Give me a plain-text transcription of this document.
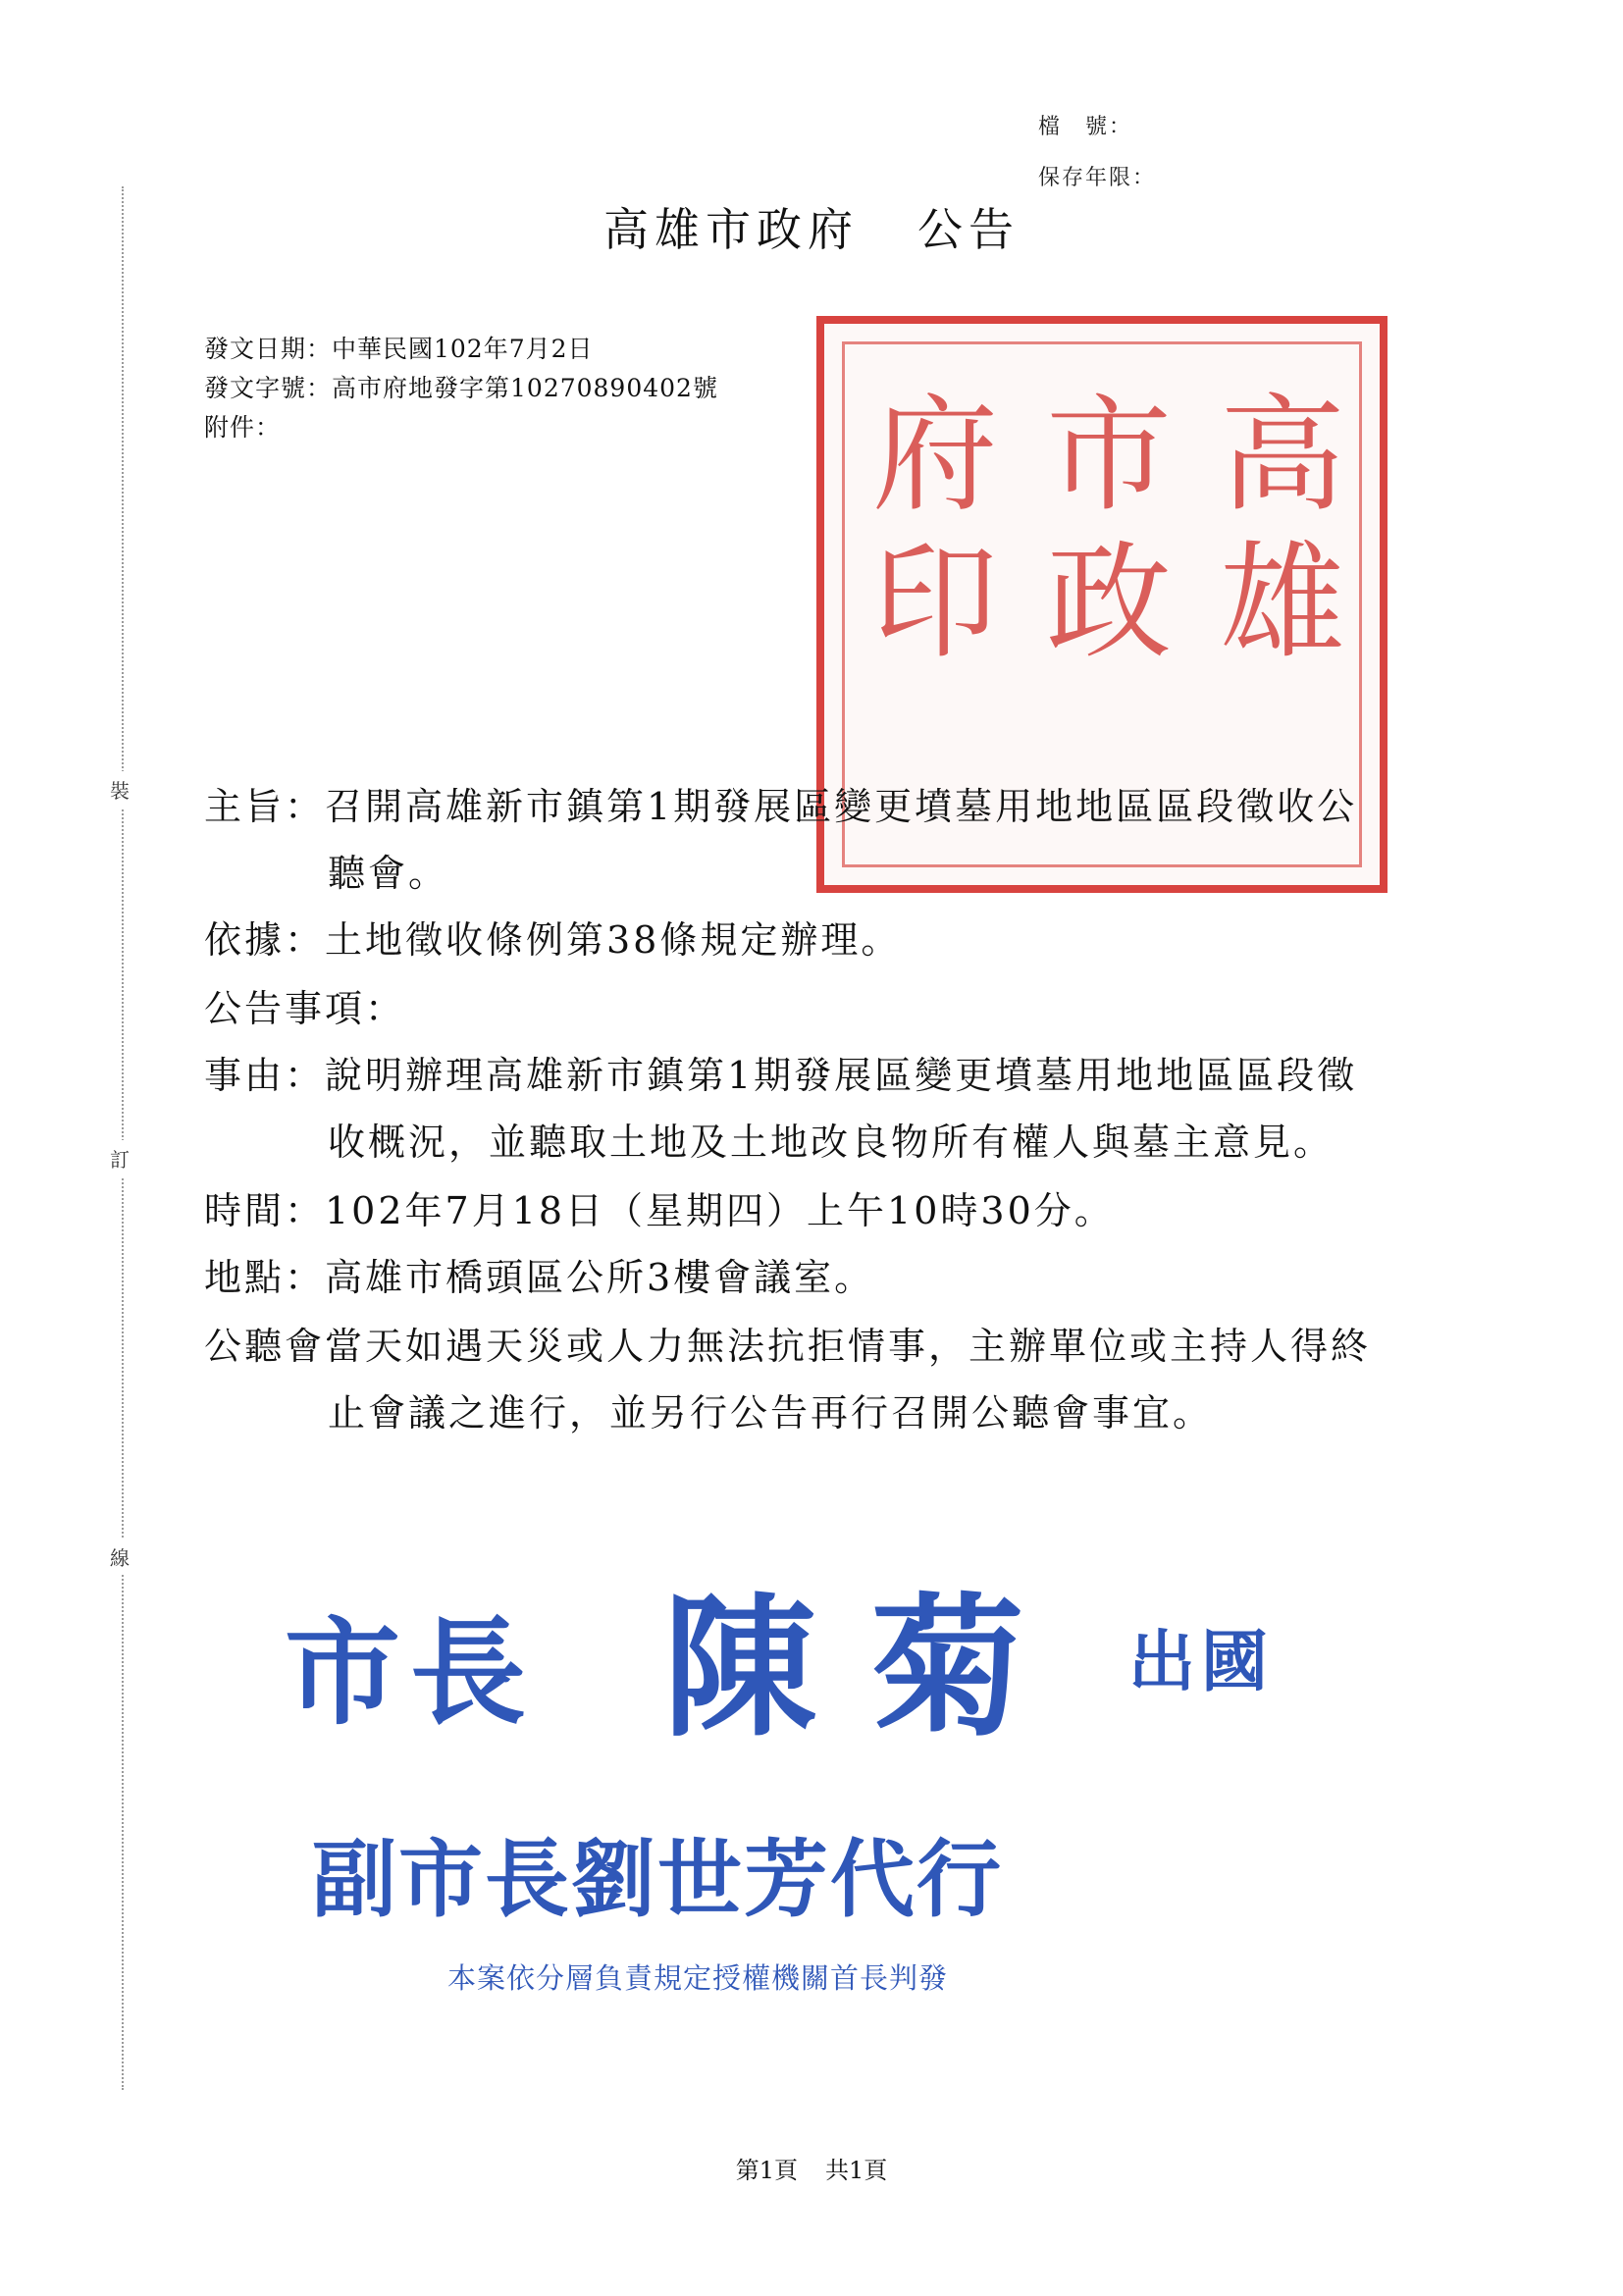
裝
訂
線
檔　號：
保存年限：
高雄市政府 公告
發文日期：中華民國102年7月2日
發文字號：高市府地發字第10270890402號
附件：	高
雄
市
政
府
印
主旨：召開高雄新市鎮第1期發展區變更墳墓用地地區區段徵收公
聽會。
依據：土地徵收條例第38條規定辦理。
公告事項：
事由：說明辦理高雄新市鎮第1期發展區變更墳墓用地地區區段徵
收概況，並聽取土地及土地改良物所有權人與墓主意見。
時間：102年7月18日（星期四）上午10時30分。
地點：高雄市橋頭區公所3樓會議室。
公聽會當天如遇天災或人力無法抗拒情事，主辦單位或主持人得終
止會議之進行，並另行公告再行召開公聽會事宜。
市長 陳菊 出國
副市長劉世芳代行
本案依分層負責規定授權機關首長判發
第1頁 共1頁
